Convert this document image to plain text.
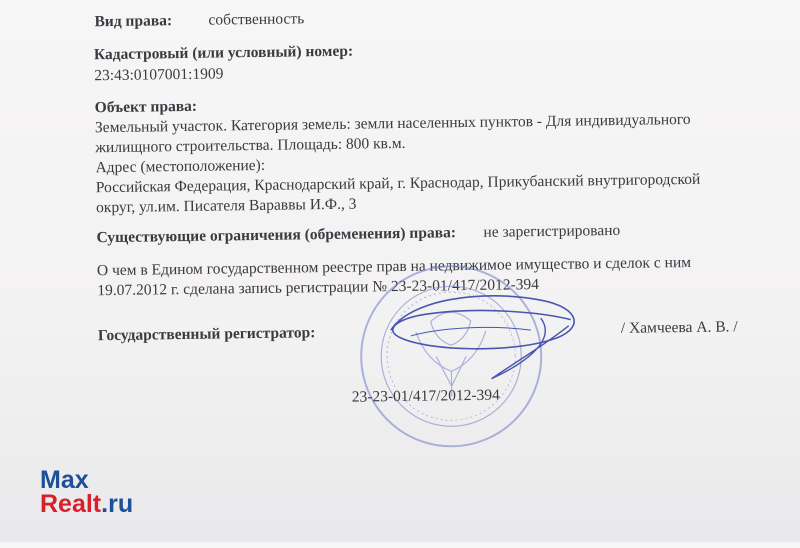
Вид права: собственность
Кадастровый (или условный) номер:
23:43:0107001:1909
Объект права:
Земельный участок. Категория земель: земли населенных пунктов - Для индивидуального
жилищного строительства. Площадь: 800 кв.м.
Адрес (местоположение):
Российская Федерация, Краснодарский край, г. Краснодар, Прикубанский внутригородской
округ, ул.им. Писателя Вараввы И.Ф., 3
Существующие ограничения (обременения) права: не зарегистрировано
О чем в Едином государственном реестре прав на недвижимое имущество и сделок с ним
19.07.2012 г. сделана запись регистрации № 23-23-01/417/2012-394
Государственный регистратор:	/ Хамчеева А. В. /
23-23-01/417/2012-394
Max
Realt.ru
